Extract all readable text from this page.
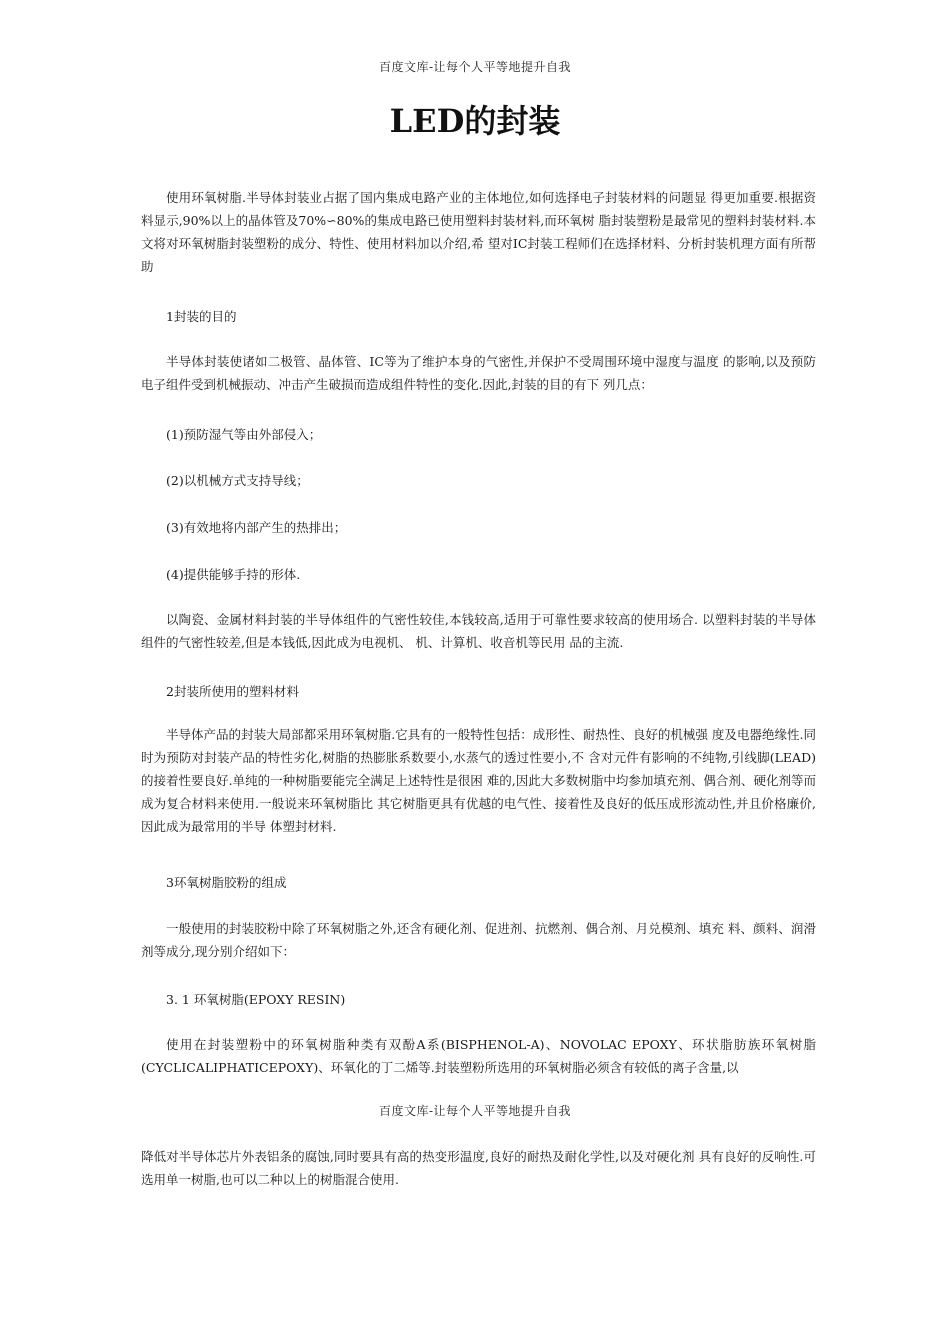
百度文库-让每个人平等地提升自我
LED的封装

使用环氧树脂.半导体封装业占据了国内集成电路产业的主体地位,如何选择电子封装材料的问题显 得更加重要.根据资料显示,90%以上的晶体管及70%∽80%的集成电路已使用塑料封装材料,而环氧树 脂封装塑粉是最常见的塑料封装材料.本文将对环氧树脂封装塑粉的成分、特性、使用材料加以介绍,希 望对IC封装工程师们在选择材料、分析封装机理方面有所帮助

1封装的目的

半导体封装使诸如二极管、晶体管、IC等为了维护本身的气密性,并保护不受周围环境中湿度与温度 的影响,以及预防电子组件受到机械振动、冲击产生破损而造成组件特性的变化.因此,封装的目的有下 列几点：

(1)预防湿气等由外部侵入；

(2)以机械方式支持导线；

(3)有效地将内部产生的热排出；

(4)提供能够手持的形体.

以陶瓷、金属材料封装的半导体组件的气密性较佳,本钱较高,适用于可靠性要求较高的使用场合. 以塑料封装的半导体组件的气密性较差,但是本钱低,因此成为电视机、 机、计算机、收音机等民用 品的主流.

2封装所使用的塑料材料

半导体产品的封装大局部都采用环氧树脂.它具有的一般特性包括：成形性、耐热性、良好的机械强 度及电器绝缘性.同时为预防对封装产品的特性劣化,树脂的热膨胀系数要小,水蒸气的透过性要小,不 含对元件有影响的不纯物,引线脚(LEAD)的接着性要良好.单纯的一种树脂要能完全满足上述特性是很困 难的,因此大多数树脂中均参加填充剂、偶合剂、硬化剂等而成为复合材料来使用.一般说来环氧树脂比 其它树脂更具有优越的电气性、接着性及良好的低压成形流动性,并且价格廉价,因此成为最常用的半导 体塑封材料.

3环氧树脂胶粉的组成

一般使用的封装胶粉中除了环氧树脂之外,还含有硬化剂、促进剂、抗燃剂、偶合剂、月兑模剂、填充 料、颜料、润滑剂等成分,现分别介绍如下：

3. 1 环氧树脂(EPOXY RESIN)

使用在封装塑粉中的环氧树脂种类有双酚A系(BISPHENOL-A)、NOVOLAC EPOXY、环状脂肪族环氧树脂(CYCLICALIPHATICEPOXY)、环氧化的丁二烯等.封装塑粉所选用的环氧树脂必须含有较低的离子含量,以

百度文库-让每个人平等地提升自我

降低对半导体芯片外表铝条的腐蚀,同时要具有高的热变形温度,良好的耐热及耐化学性,以及对硬化剂 具有良好的反响性.可选用单一树脂,也可以二种以上的树脂混合使用.
